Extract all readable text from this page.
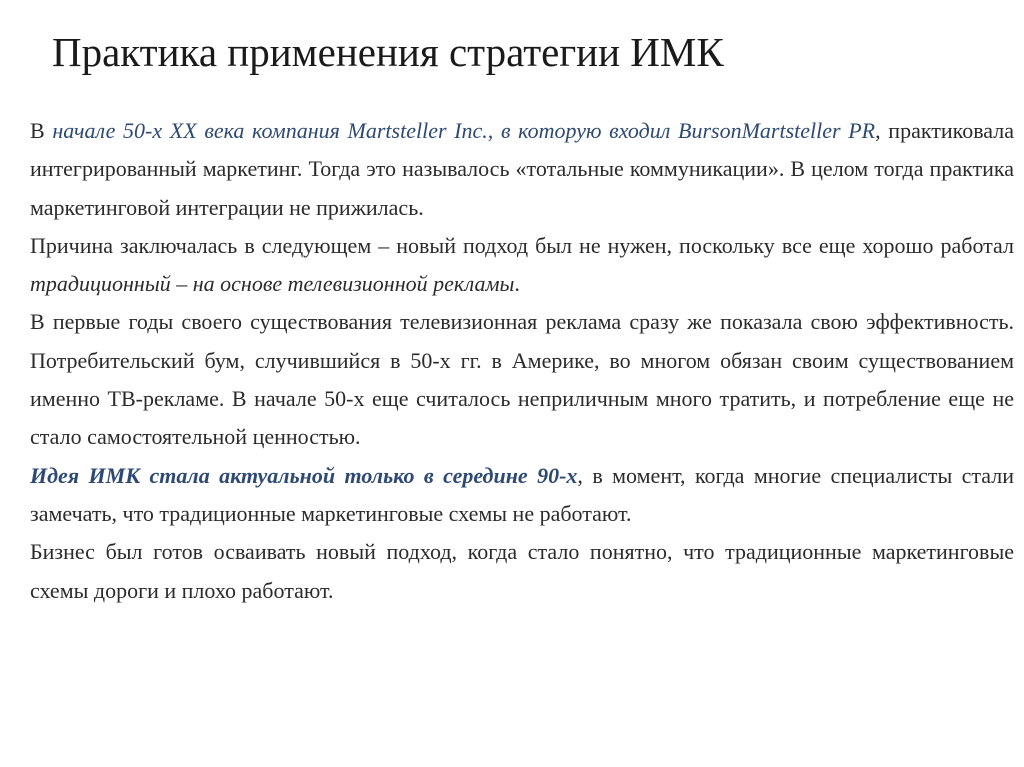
Практика применения стратегии ИМК

В начале 50-х XX века компания Martsteller Inc., в которую входил BursonMartsteller PR, практиковала интегрированный маркетинг. Тогда это называлось «тотальные коммуникации». В целом тогда практика маркетинговой интеграции не прижилась.

Причина заключалась в следующем – новый подход был не нужен, поскольку все еще хорошо работал традиционный – на основе телевизионной рекламы.

В первые годы своего существования телевизионная реклама сразу же показала свою эффективность. Потребительский бум, случившийся в 50-х гг. в Америке, во многом обязан своим существованием именно ТВ-рекламе. В начале 50-х еще считалось неприличным много тратить, и потребление еще не стало самостоятельной ценностью.

Идея ИМК стала актуальной только в середине 90-х, в момент, когда многие специалисты стали замечать, что традиционные маркетинговые схемы не работают.

Бизнес был готов осваивать новый подход, когда стало понятно, что традиционные маркетинговые схемы дороги и плохо работают.
